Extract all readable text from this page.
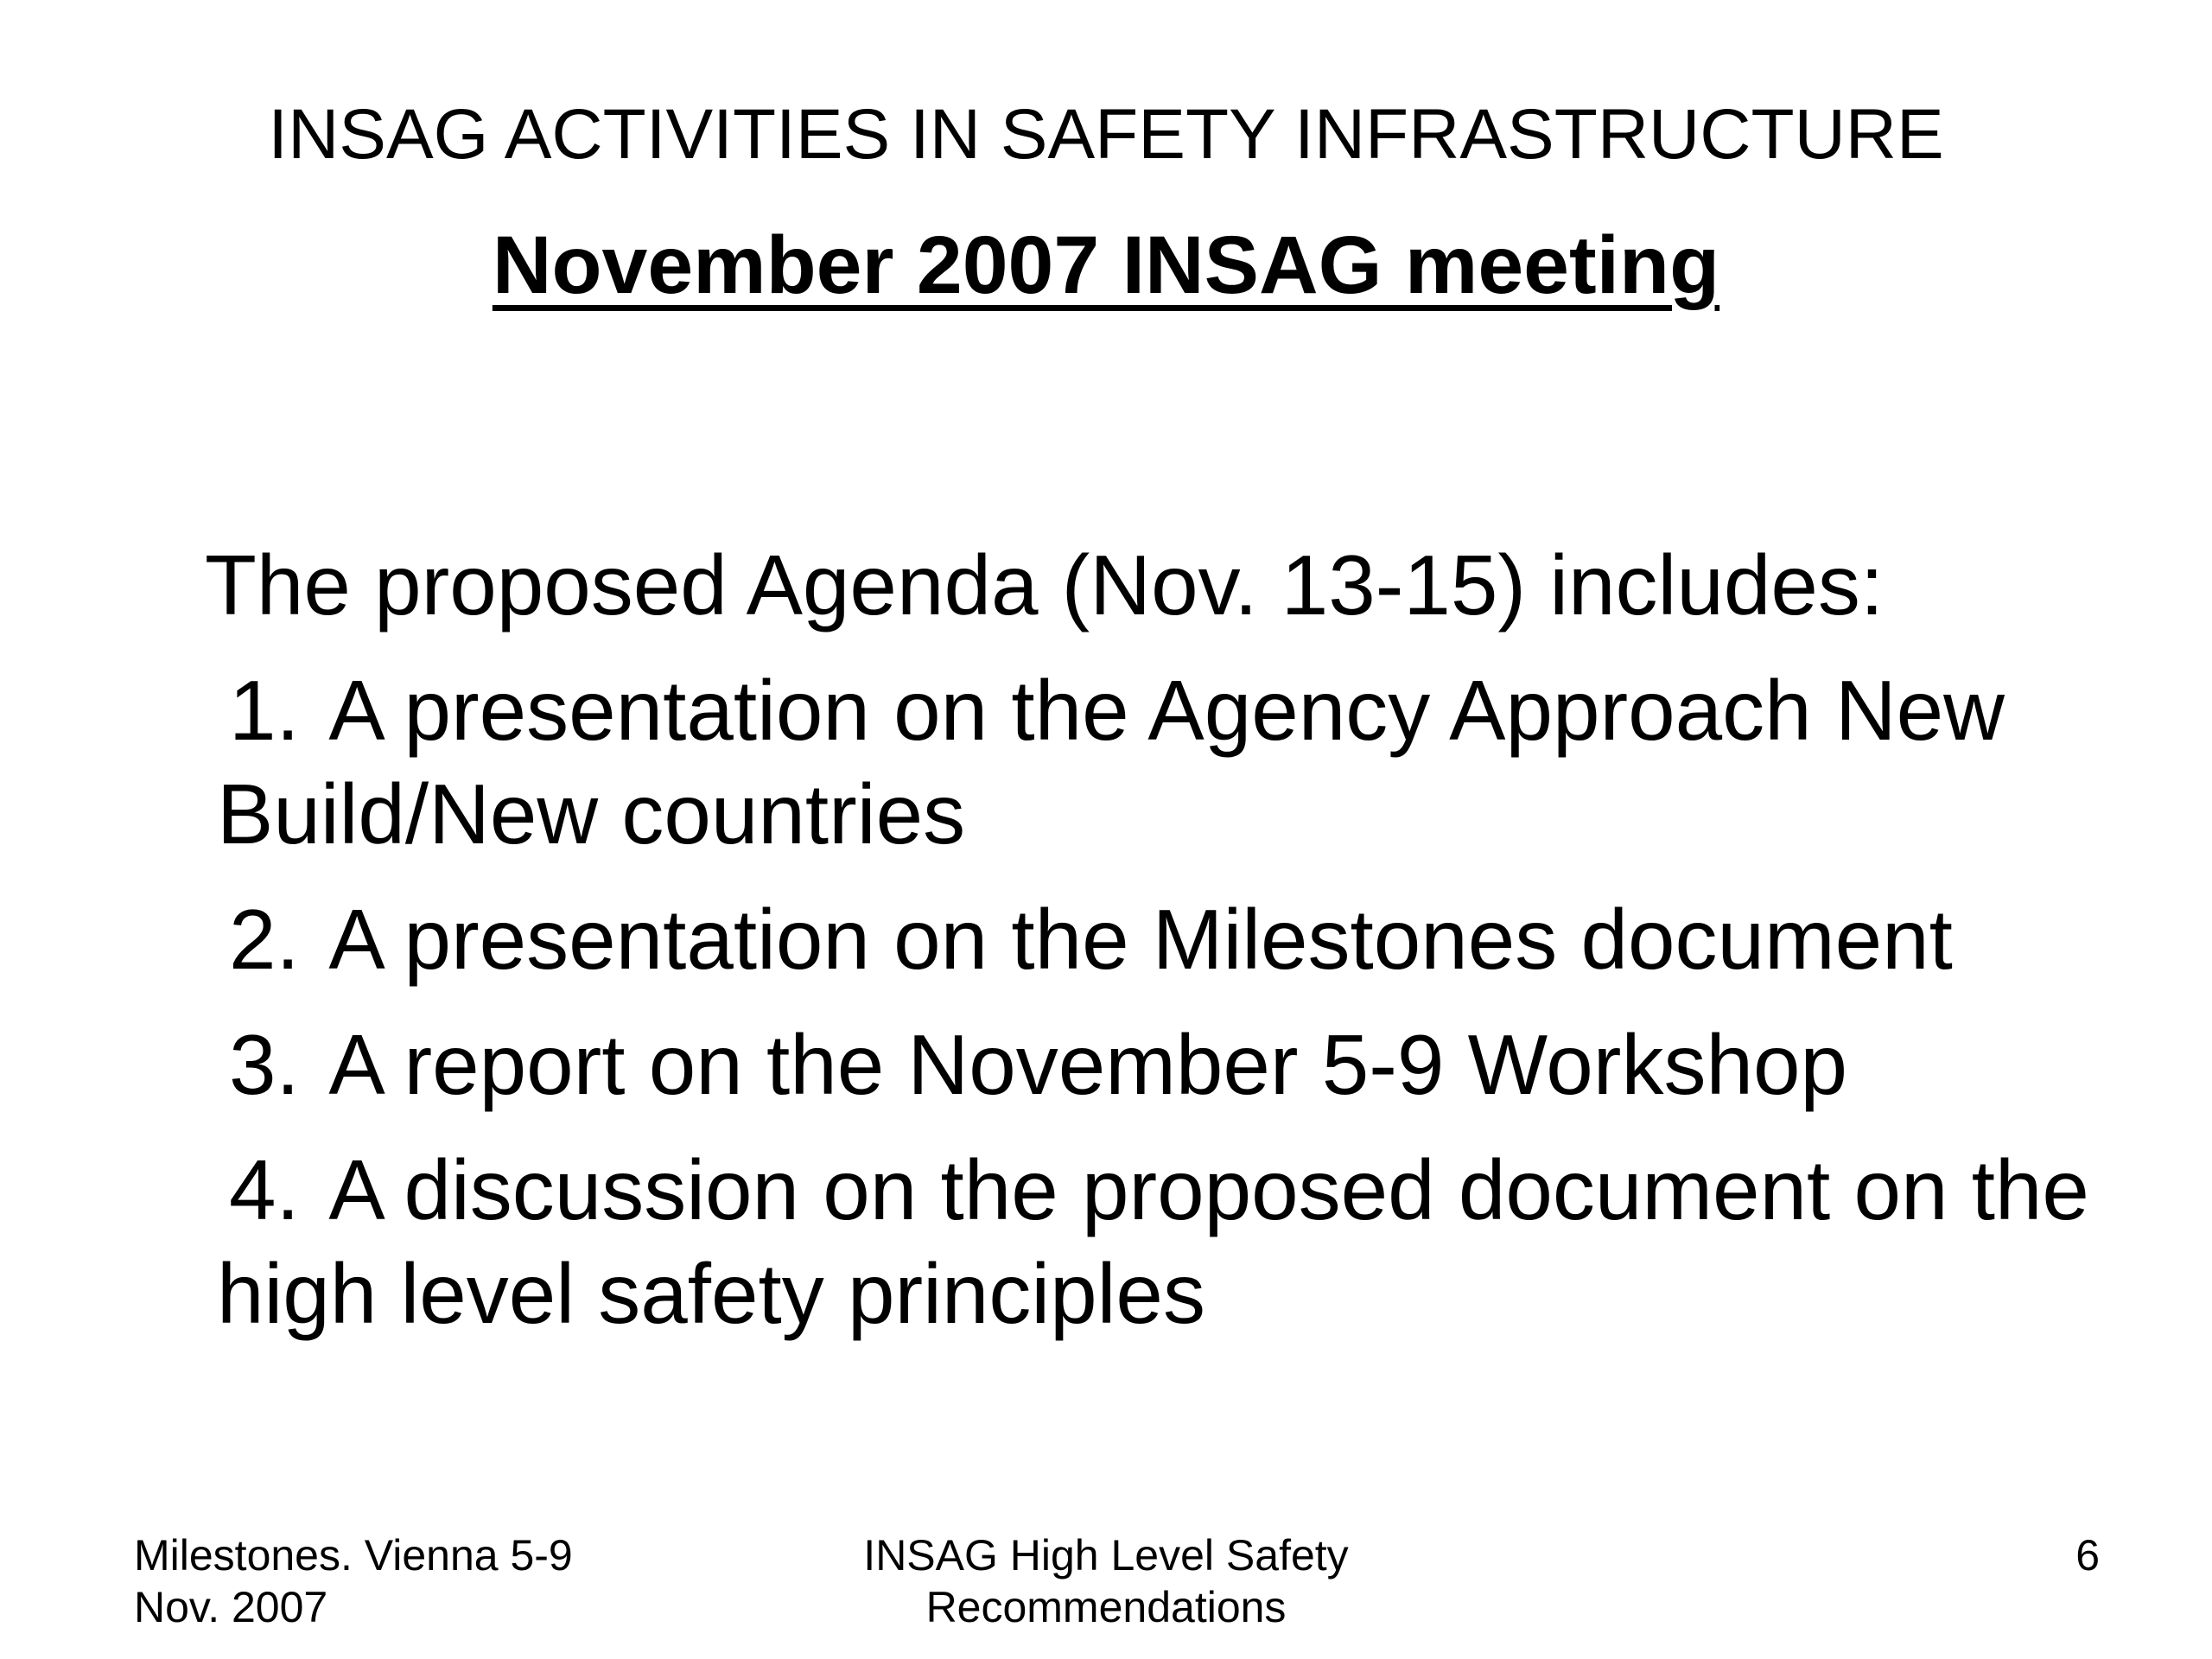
INSAG ACTIVITIES IN SAFETY INFRASTRUCTURE
November 2007 INSAG meeting

The proposed Agenda (Nov. 13-15) includes:

1. A presentation on the Agency Approach New Build/New countries
2. A presentation on the Milestones document
3. A report on the November 5-9 Workshop
4. A discussion on the proposed document on the high level safety principles
Milestones. Vienna 5-9
Nov. 2007
INSAG High Level Safety
Recommendations
6
